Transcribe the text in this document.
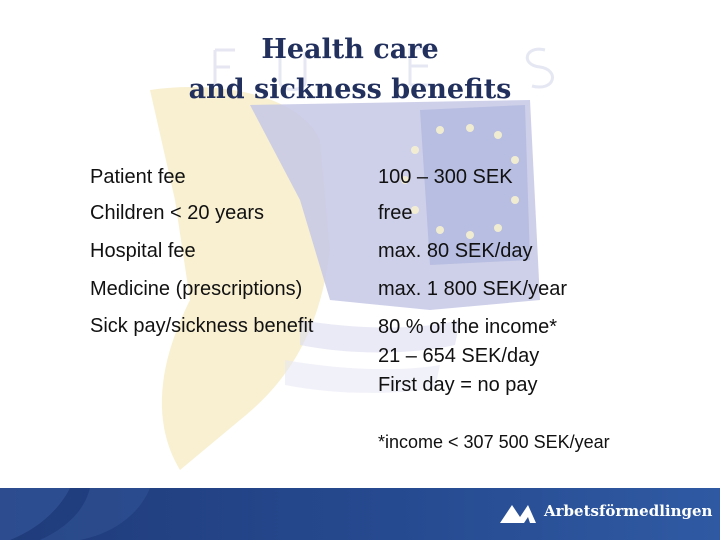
Health care
and sickness benefits
Patient fee	100 – 300 SEK
Children < 20 years	free
Hospital fee	max. 80 SEK/day
Medicine (prescriptions)	max. 1 800 SEK/year
Sick pay/sickness benefit	80 % of the income*
21 – 654 SEK/day
First day = no pay
*income < 307 500 SEK/year
Arbetsförmedlingen
